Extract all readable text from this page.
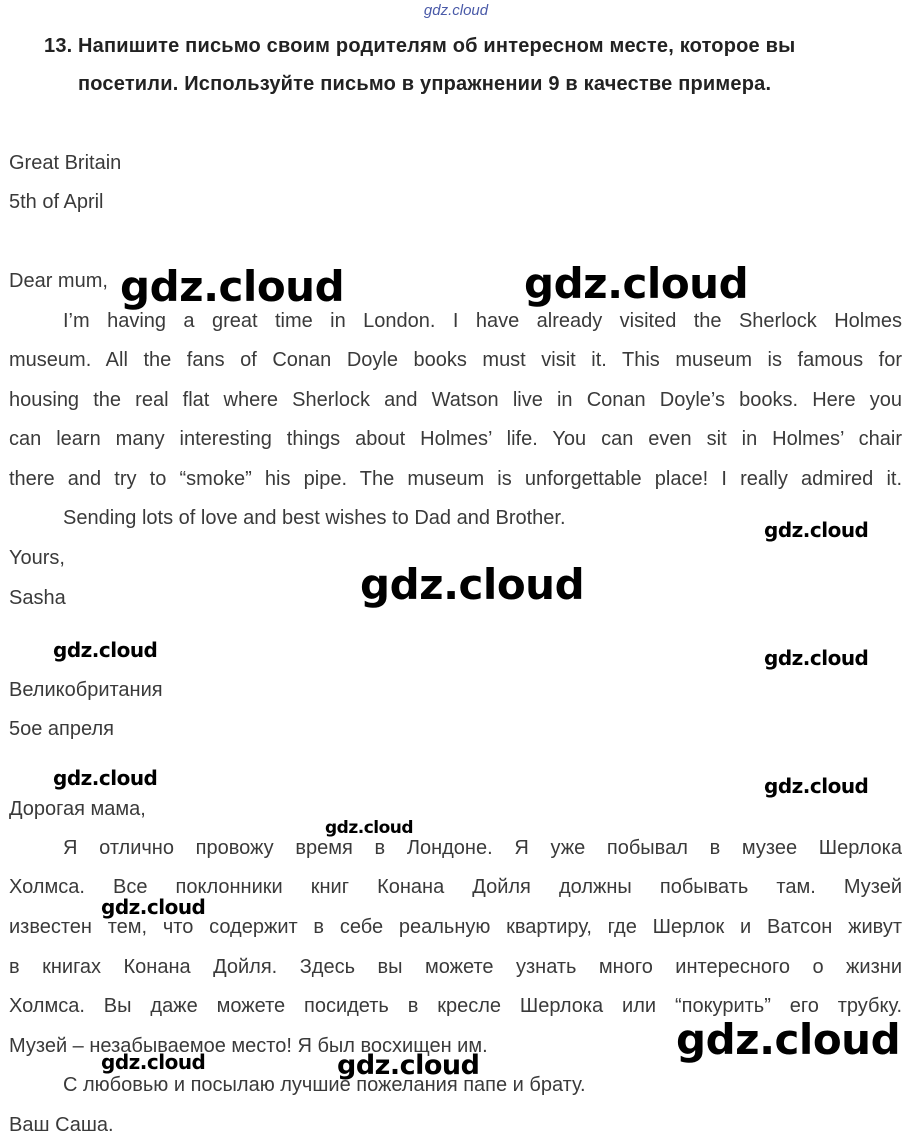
gdz.cloud
13. Напишите письмо своим родителям об интересном месте, которое вы
посетили. Используйте письмо в упражнении 9 в качестве примера.
Great Britain
5th of April
Dear mum,
I’m having a great time in London. I have already visited the Sherlock Holmes
museum. All the fans of Conan Doyle books must visit it. This museum is famous for
housing the real flat where Sherlock and Watson live in Conan Doyle’s books. Here you
can learn many interesting things about Holmes’ life. You can even sit in Holmes’ chair
there and try to “smoke” his pipe. The museum is unforgettable place! I really admired it.
Sending lots of love and best wishes to Dad and Brother.
Yours,
Sasha
Великобритания
5ое апреля
Дорогая мама,
Я отлично провожу время в Лондоне. Я уже побывал в музее Шерлока
Холмса. Все поклонники книг Конана Дойля должны побывать там. Музей
известен тем, что содержит в себе реальную квартиру, где Шерлок и Ватсон живут
в книгах Конана Дойля. Здесь вы можете узнать много интересного о жизни
Холмса. Вы даже можете посидеть в кресле Шерлока или “покурить” его трубку.
Музей – незабываемое место! Я был восхищен им.
С любовью и посылаю лучшие пожелания папе и брату.
Ваш Саша.
gdz.cloud	gdz.cloud
gdz.cloud
gdz.cloud
gdz.cloud	gdz.cloud
gdz.cloud	gdz.cloud
gdz.cloud
gdz.cloud
gdz.cloud
gdz.cloud	gdz.cloud
